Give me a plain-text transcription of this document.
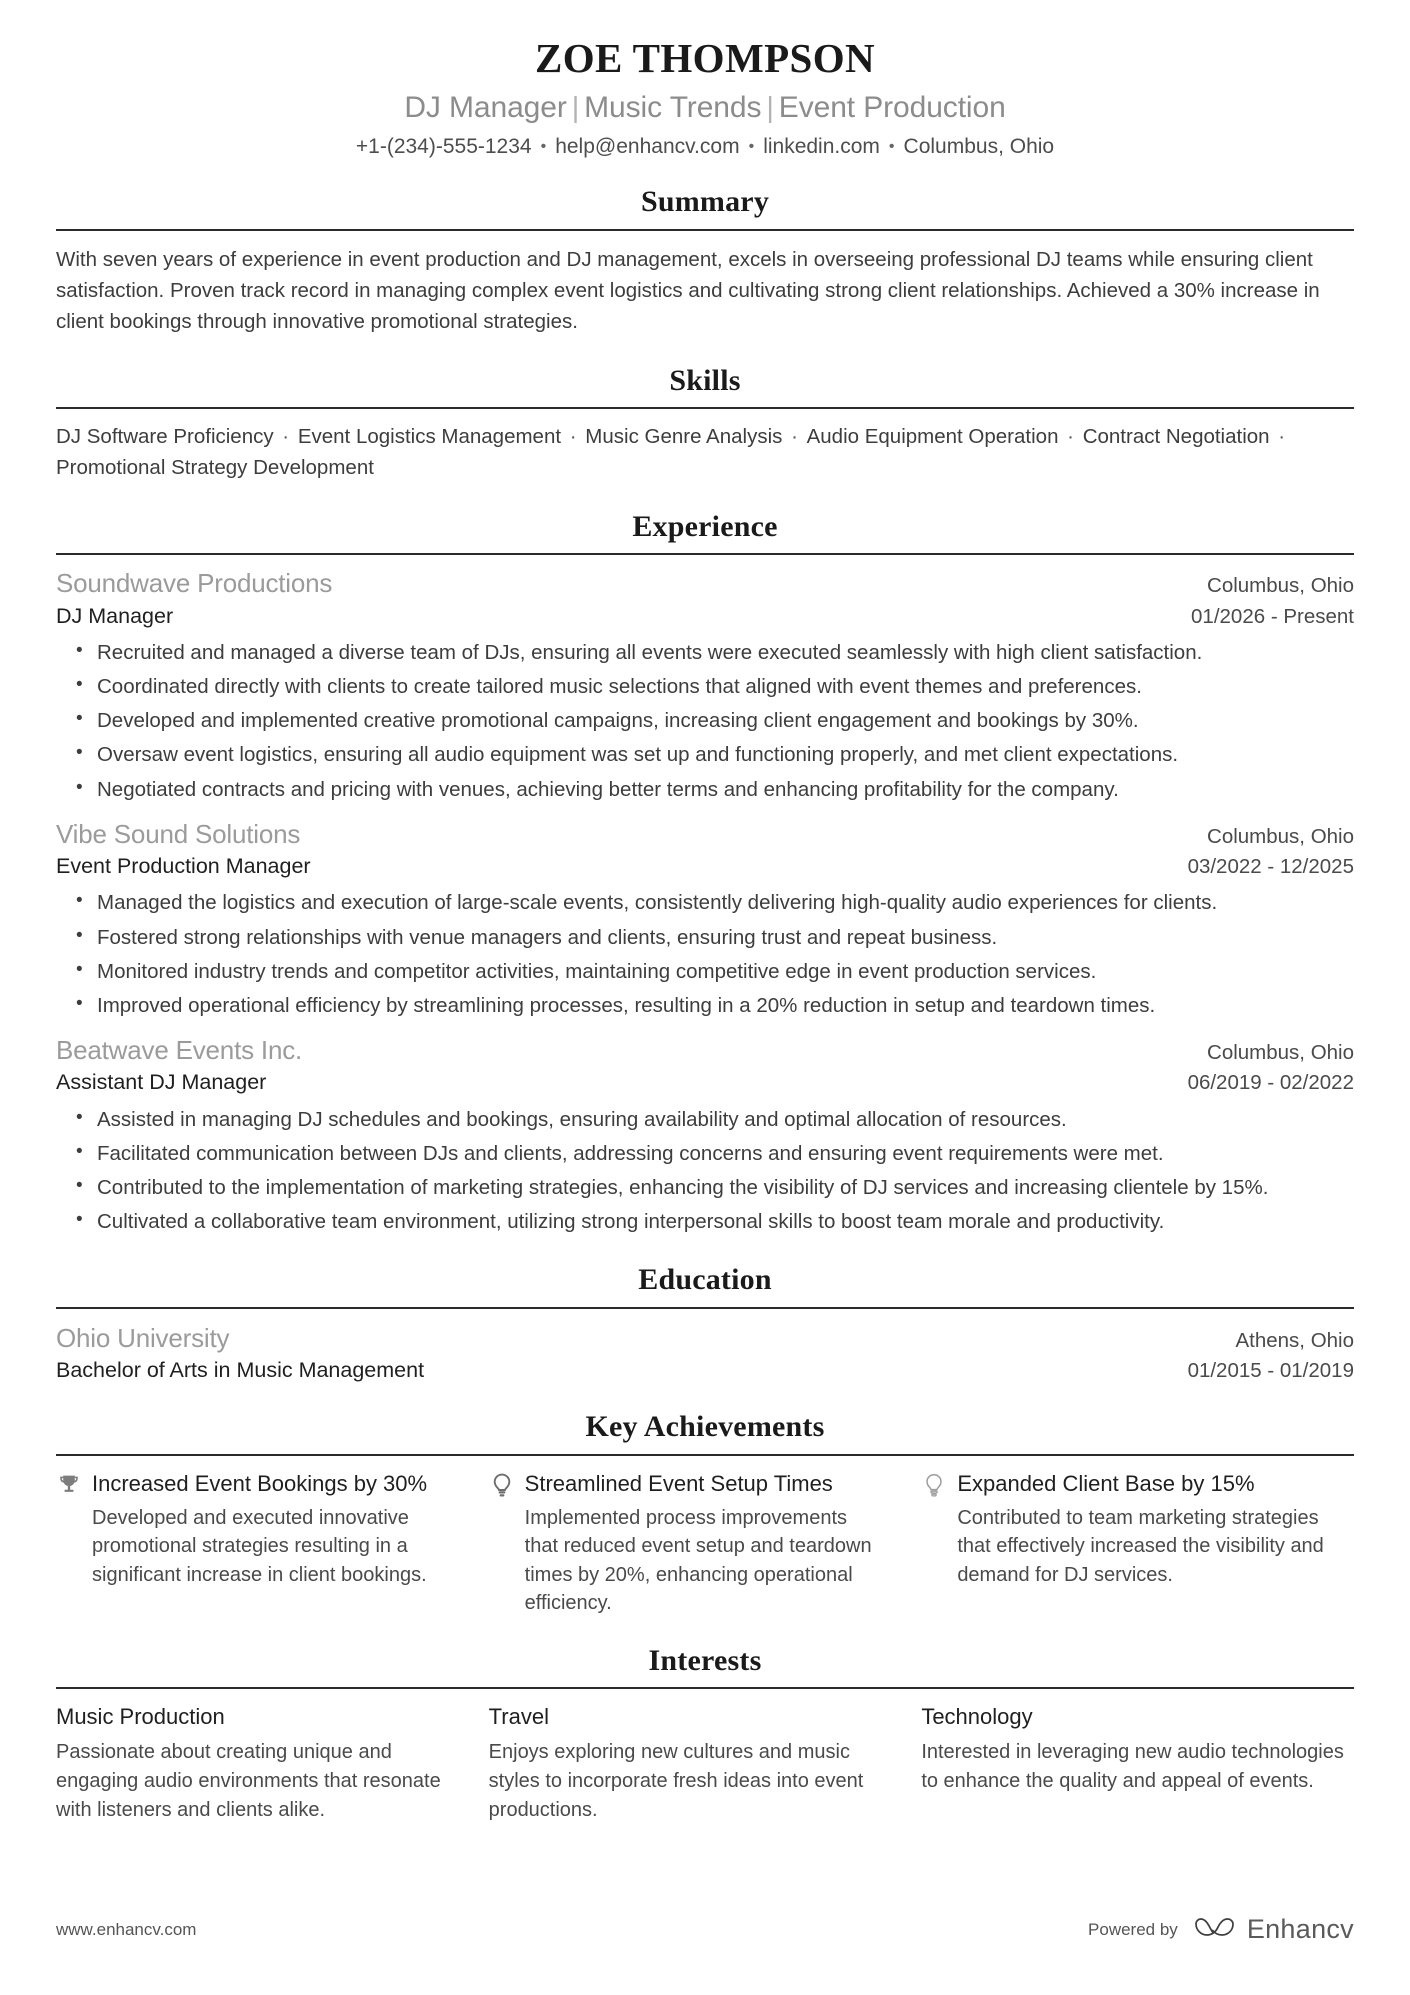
ZOE THOMPSON
DJ Manager | Music Trends | Event Production
+1-(234)-555-1234 • help@enhancv.com • linkedin.com • Columbus, Ohio
Summary
With seven years of experience in event production and DJ management, excels in overseeing professional DJ teams while ensuring client satisfaction. Proven track record in managing complex event logistics and cultivating strong client relationships. Achieved a 30% increase in client bookings through innovative promotional strategies.
Skills
DJ Software Proficiency · Event Logistics Management · Music Genre Analysis · Audio Equipment Operation · Contract Negotiation · Promotional Strategy Development
Experience
Soundwave Productions	Columbus, Ohio
DJ Manager	01/2026 - Present
• Recruited and managed a diverse team of DJs, ensuring all events were executed seamlessly with high client satisfaction.
• Coordinated directly with clients to create tailored music selections that aligned with event themes and preferences.
• Developed and implemented creative promotional campaigns, increasing client engagement and bookings by 30%.
• Oversaw event logistics, ensuring all audio equipment was set up and functioning properly, and met client expectations.
• Negotiated contracts and pricing with venues, achieving better terms and enhancing profitability for the company.
Vibe Sound Solutions	Columbus, Ohio
Event Production Manager	03/2022 - 12/2025
• Managed the logistics and execution of large-scale events, consistently delivering high-quality audio experiences for clients.
• Fostered strong relationships with venue managers and clients, ensuring trust and repeat business.
• Monitored industry trends and competitor activities, maintaining competitive edge in event production services.
• Improved operational efficiency by streamlining processes, resulting in a 20% reduction in setup and teardown times.
Beatwave Events Inc.	Columbus, Ohio
Assistant DJ Manager	06/2019 - 02/2022
• Assisted in managing DJ schedules and bookings, ensuring availability and optimal allocation of resources.
• Facilitated communication between DJs and clients, addressing concerns and ensuring event requirements were met.
• Contributed to the implementation of marketing strategies, enhancing the visibility of DJ services and increasing clientele by 15%.
• Cultivated a collaborative team environment, utilizing strong interpersonal skills to boost team morale and productivity.
Education
Ohio University	Athens, Ohio
Bachelor of Arts in Music Management	01/2015 - 01/2019
Key Achievements
Increased Event Bookings by 30%
Developed and executed innovative promotional strategies resulting in a significant increase in client bookings.
Streamlined Event Setup Times
Implemented process improvements that reduced event setup and teardown times by 20%, enhancing operational efficiency.
Expanded Client Base by 15%
Contributed to team marketing strategies that effectively increased the visibility and demand for DJ services.
Interests
Music Production
Passionate about creating unique and engaging audio environments that resonate with listeners and clients alike.
Travel
Enjoys exploring new cultures and music styles to incorporate fresh ideas into event productions.
Technology
Interested in leveraging new audio technologies to enhance the quality and appeal of events.
www.enhancv.com	Powered by	Enhancv
